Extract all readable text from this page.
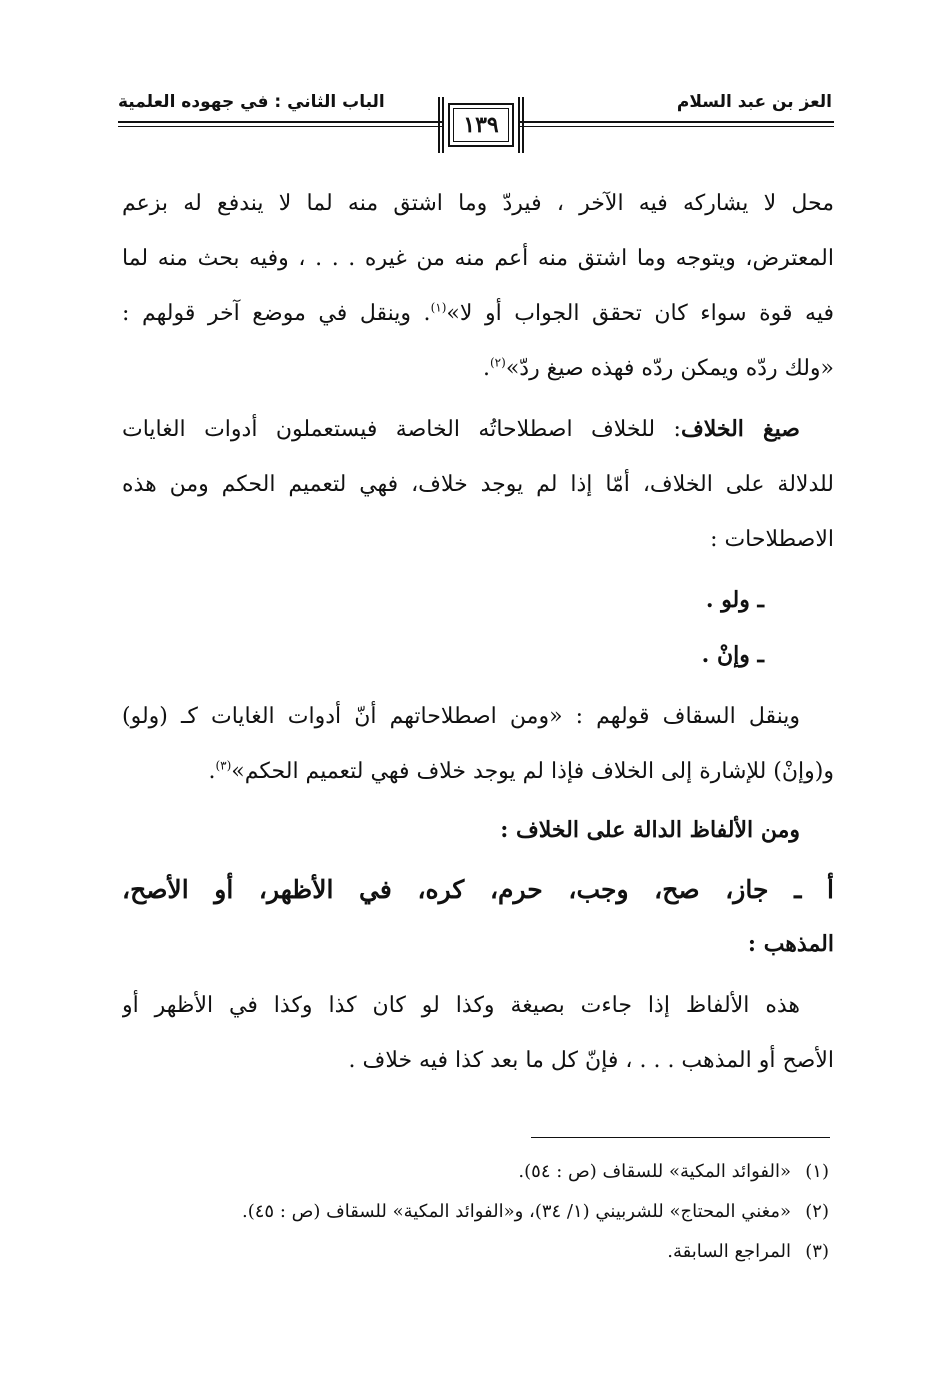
العز بن عبد السلام
الباب الثاني : في جهوده العلمية
١٣٩
محل لا يشاركه فيه الآخر ، فيردّ وما اشتق منه لما لا يندفع له بزعم
المعترض، ويتوجه وما اشتق منه أعم منه من غيره . . . ، وفيه بحث منه لما
فيه قوة سواء كان تحقق الجواب أو لا»$^{(١)}$. وينقل في موضع آخر قولهم :
«ولك ردّه ويمكن ردّه فهذه صيغ ردّ»$^{(٢)}$.
صيغ الخلاف: للخلاف اصطلاحاتُه الخاصة فيستعملون أدوات الغايات
للدلالة على الخلاف، أمّا إذا لم يوجد خلاف، فهي لتعميم الحكم ومن هذه
الاصطلاحات :
ـ ولو .
ـ وإنْ .
وينقل السقاف قولهم : «ومن اصطلاحاتهم أنّ أدوات الغايات كـ (ولو)
و(وإنْ) للإشارة إلى الخلاف فإذا لم يوجد خلاف فهي لتعميم الحكم»$^{(٣)}$.
ومن الألفاظ الدالة على الخلاف :
أ ـ جاز، صح، وجب، حرم، كره، في الأظهر، أو الأصح،
المذهب :
هذه الألفاظ إذا جاءت بصيغة وكذا لو كان كذا وكذا في الأظهر أو
الأصح أو المذهب . . . ، فإنّ كل ما بعد كذا فيه خلاف .
(١)«الفوائد المكية» للسقاف (ص : ٥٤).
(٢)«مغني المحتاج» للشربيني (١/ ٣٤)، و«الفوائد المكية» للسقاف (ص : ٤٥).
(٣)المراجع السابقة.
